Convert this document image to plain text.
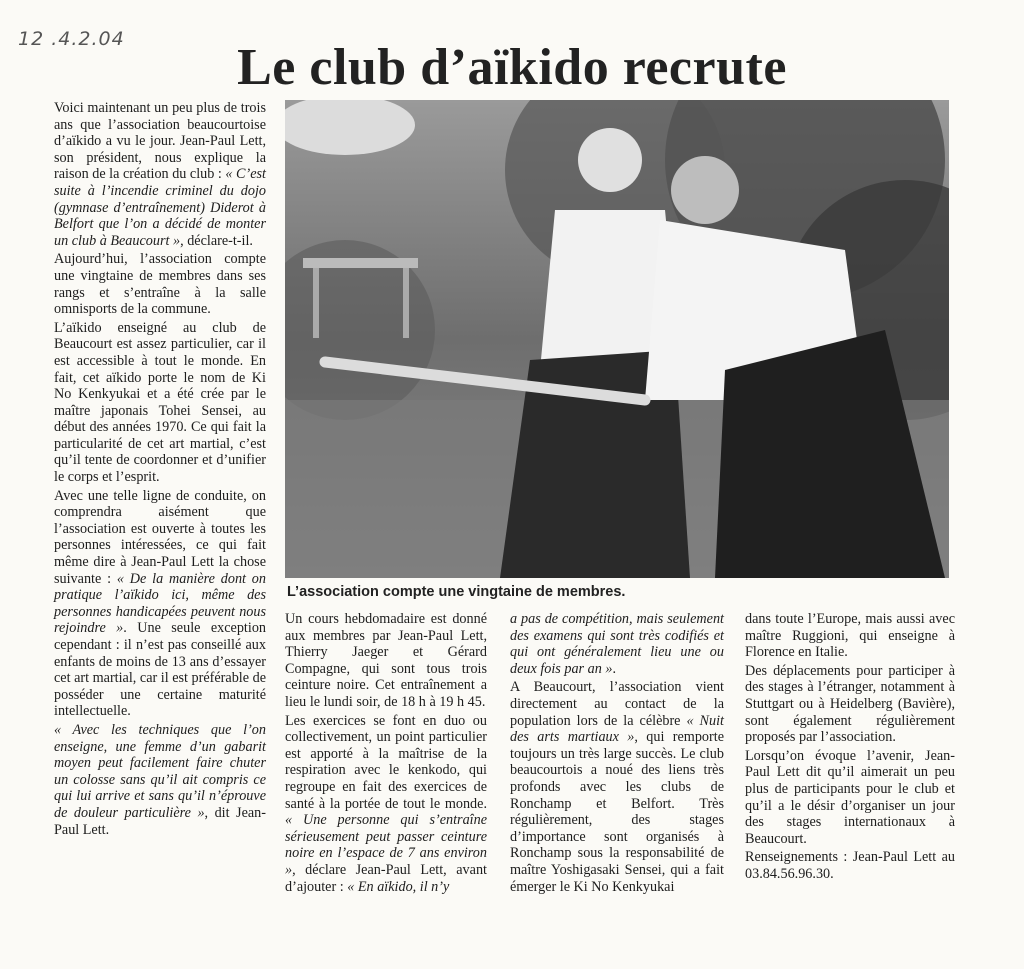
12 .4.2.04	Le club d’aïkido recrute

Voici maintenant un peu plus de trois ans que l’association beaucourtoise d’aïkido a vu le jour. Jean-Paul Lett, son président, nous explique la raison de la création du club : « C’est suite à l’incendie criminel du dojo (gymnase d’entraînement) Diderot à Belfort que l’on a décidé de monter un club à Beaucourt », déclare-t-il.

Aujourd’hui, l’association compte une vingtaine de membres dans ses rangs et s’entraîne à la salle omnisports de la commune.

L’aïkido enseigné au club de Beaucourt est assez particulier, car il est accessible à tout le monde. En fait, cet aïkido porte le nom de Ki No Kenkyukai et a été crée par le maître japonais Tohei Sensei, au début des années 1970. Ce qui fait la particularité de cet art martial, c’est qu’il tente de coordonner et d’unifier le corps et l’esprit.

Avec une telle ligne de conduite, on comprendra aisément que l’association est ouverte à toutes les personnes intéressées, ce qui fait même dire à Jean-Paul Lett la chose suivante : « De la manière dont on pratique l’aïkido ici, même des personnes handicapées peuvent nous rejoindre ». Une seule exception cependant : il n’est pas conseillé aux enfants de moins de 13 ans d’essayer cet art martial, car il est préférable de posséder une certaine maturité intellectuelle.

« Avec les techniques que l’on enseigne, une femme d’un gabarit moyen peut facilement faire chuter un colosse sans qu’il ait compris ce qui lui arrive et sans qu’il n’éprouve de douleur particulière », dit Jean-Paul Lett.

L’association compte une vingtaine de membres.

Un cours hebdomadaire est donné aux membres par Jean-Paul Lett, Thierry Jaeger et Gérard Compagne, qui sont tous trois ceinture noire. Cet entraînement a lieu le lundi soir, de 18 h à 19 h 45.

Les exercices se font en duo ou collectivement, un point particulier est apporté à la maîtrise de la respiration avec le kenkodo, qui regroupe en fait des exercices de santé à la portée de tout le monde. « Une personne qui s’entraîne sérieusement peut passer ceinture noire en l’espace de 7 ans environ », déclare Jean-Paul Lett, avant d’ajouter : « En aïkido, il n’y

a pas de compétition, mais seulement des examens qui sont très codifiés et qui ont généralement lieu une ou deux fois par an ».

A Beaucourt, l’association vient directement au contact de la population lors de la célèbre « Nuit des arts martiaux », qui remporte toujours un très large succès. Le club beaucourtois a noué des liens très profonds avec les clubs de Ronchamp et Belfort. Très régulièrement, des stages d’importance sont organisés à Ronchamp sous la responsabilité de maître Yoshigasaki Sensei, qui a fait émerger le Ki No Kenkyukai

dans toute l’Europe, mais aussi avec maître Ruggioni, qui enseigne à Florence en Italie.

Des déplacements pour participer à des stages à l’étranger, notamment à Stuttgart ou à Heidelberg (Bavière), sont également régulièrement proposés par l’association.

Lorsqu’on évoque l’avenir, Jean-Paul Lett dit qu’il aimerait un peu plus de participants pour le club et qu’il a le désir d’organiser un jour des stages internationaux à Beaucourt.

Renseignements : Jean-Paul Lett au 03.84.56.96.30.
